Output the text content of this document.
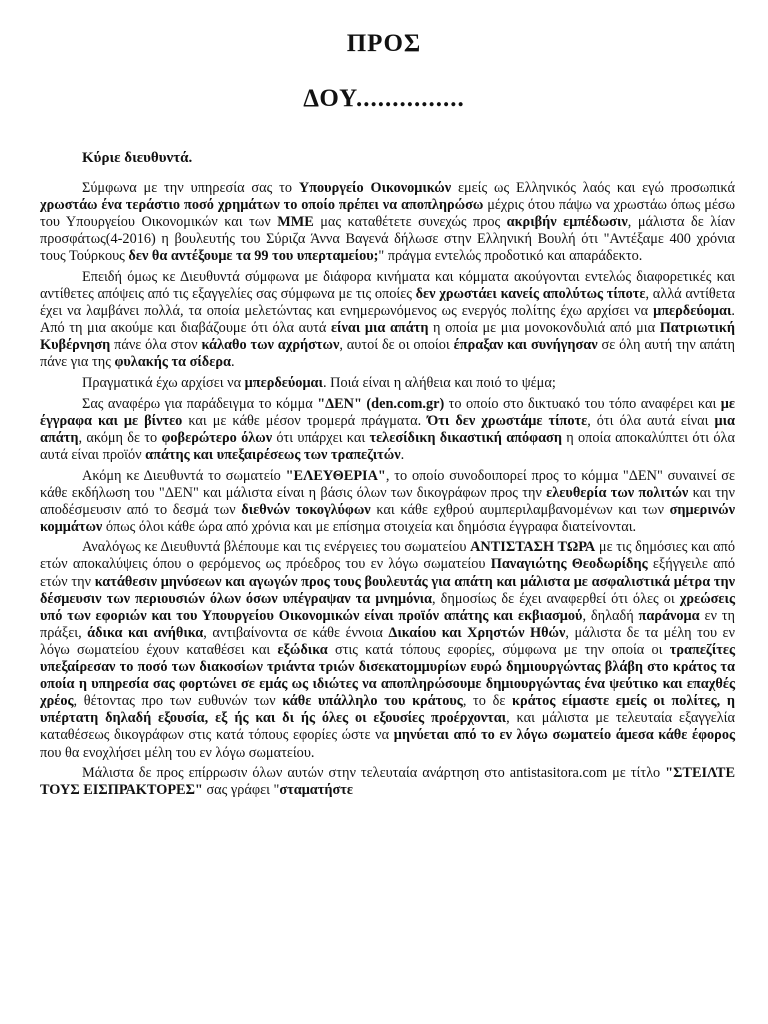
ΠΡΟΣ
ΔΟΥ...............
Κύριε διευθυντά.

Σύμφωνα με την υπηρεσία σας το Υπουργείο Οικονομικών εμείς ως Ελληνικός λαός και εγώ προσωπικά χρωστάω ένα τεράστιο ποσό χρημάτων το οποίο πρέπει να αποπληρώσω μέχρις ότου πάψω να χρωστάω όπως μέσω του Υπουργείου Οικονομικών και των ΜΜΕ μας καταθέτετε συνεχώς προς ακριβήν εμπέδωσιν, μάλιστα δε λίαν προσφάτως(4-2016) η βουλευτής του Σύριζα Άννα Βαγενά δήλωσε στην Ελληνική Βουλή ότι "Αντέξαμε 400 χρόνια τους Τούρκους δεν θα αντέξουμε τα 99 του υπερταμείου;" πράγμα εντελώς προδοτικό και απαράδεκτο.

Επειδή όμως κε Διευθυντά σύμφωνα με διάφορα κινήματα και κόμματα ακούγονται εντελώς διαφορετικές και αντίθετες απόψεις από τις εξαγγελίες σας σύμφωνα με τις οποίες δεν χρωστάει κανείς απολύτως τίποτε, αλλά αντίθετα έχει να λαμβάνει πολλά, τα οποία μελετώντας και ενημερωνόμενος ως ενεργός πολίτης έχω αρχίσει να μπερδεύομαι. Από τη μια ακούμε και διαβάζουμε ότι όλα αυτά είναι μια απάτη η οποία με μια μονοκονδυλιά από μια Πατριωτική Κυβέρνηση πάνε όλα στον κάλαθο των αχρήστων, αυτοί δε οι οποίοι έπραξαν και συνήγησαν σε όλη αυτή την απάτη πάνε για της φυλακής τα σίδερα.

Πραγματικά έχω αρχίσει να μπερδεύομαι. Ποιά είναι η αλήθεια και ποιό το ψέμα;

Σας αναφέρω για παράδειγμα το κόμμα "ΔΕΝ" (den.com.gr) το οποίο στο δικτυακό του τόπο αναφέρει και με έγγραφα και με βίντεο και με κάθε μέσον τρομερά πράγματα. Ότι δεν χρωστάμε τίποτε, ότι όλα αυτά είναι μια απάτη, ακόμη δε το φοβερώτερο όλων ότι υπάρχει και τελεσίδικη δικαστική απόφαση η οποία αποκαλύπτει ότι όλα αυτά είναι προϊόν απάτης και υπεξαιρέσεως των τραπεζιτών.

Ακόμη κε Διευθυντά το σωματείο "ΕΛΕΥΘΕΡΙΑ", το οποίο συνοδοιπορεί προς το κόμμα "ΔΕΝ" συναινεί σε κάθε εκδήλωση του "ΔΕΝ" και μάλιστα είναι η βάσις όλων των δικογράφων προς την ελευθερία των πολιτών και την αποδέσμευσιν από το δεσμά των διεθνών τοκογλύφων και κάθε εχθρού αυμπεριλαμβανομένων και των σημερινών κομμάτων όπως όλοι κάθε ώρα από χρόνια και με επίσημα στοιχεία και δημόσια έγγραφα διατείνονται.

Αναλόγως κε Διευθυντά βλέπουμε και τις ενέργειες του σωματείου ΑΝΤΙΣΤΑΣΗ ΤΩΡΑ με τις δημόσιες και από ετών αποκαλύψεις όπου ο φερόμενος ως πρόεδρος του εν λόγω σωματείου Παναγιώτης Θεοδωρίδης εξήγγειλε από ετών την κατάθεσιν μηνύσεων και αγωγών προς τους βουλευτάς για απάτη και μάλιστα με ασφαλιστικά μέτρα την δέσμευσιν των περιουσιών όλων όσων υπέγραψαν τα μνημόνια, δημοσίως δε έχει αναφερθεί ότι όλες οι χρεώσεις υπό των εφοριών και του Υπουργείου Οικονομικών είναι προϊόν απάτης και εκβιασμού, δηλαδή παράνομα εν τη πράξει, άδικα και ανήθικα, αντιβαίνοντα σε κάθε έννοια Δικαίου και Χρηστών Ηθών, μάλιστα δε τα μέλη του εν λόγω σωματείου έχουν καταθέσει και εξώδικα στις κατά τόπους εφορίες, σύμφωνα με την οποία οι τραπεζίτες υπεξαίρεσαν το ποσό των διακοσίων τριάντα τριών δισεκατομμυρίων ευρώ δημιουργώντας βλάβη στο κράτος τα οποία η υπηρεσία σας φορτώνει σε εμάς ως ιδιώτες να αποπληρώσουμε δημιουργώντας ένα ψεύτικο και επαχθές χρέος, θέτοντας προ των ευθυνών των κάθε υπάλληλο του κράτους, το δε κράτος είμαστε εμείς οι πολίτες, η υπέρτατη δηλαδή εξουσία, εξ ής και δι ής όλες οι εξουσίες προέρχονται, και μάλιστα με τελευταία εξαγγελία καταθέσεως δικογράφων στις κατά τόπους εφορίες ώστε να μηνύεται από το εν λόγω σωματείο άμεσα κάθε έφορος που θα ενοχλήσει μέλη του εν λόγω σωματείου.

Μάλιστα δε προς επίρρωσιν όλων αυτών στην τελευταία ανάρτηση στο antistasitora.com με τίτλο "ΣΤΕΙΛΤΕ ΤΟΥΣ ΕΙΣΠΡΑΚΤΟΡΕΣ" σας γράφει "σταματήστε
